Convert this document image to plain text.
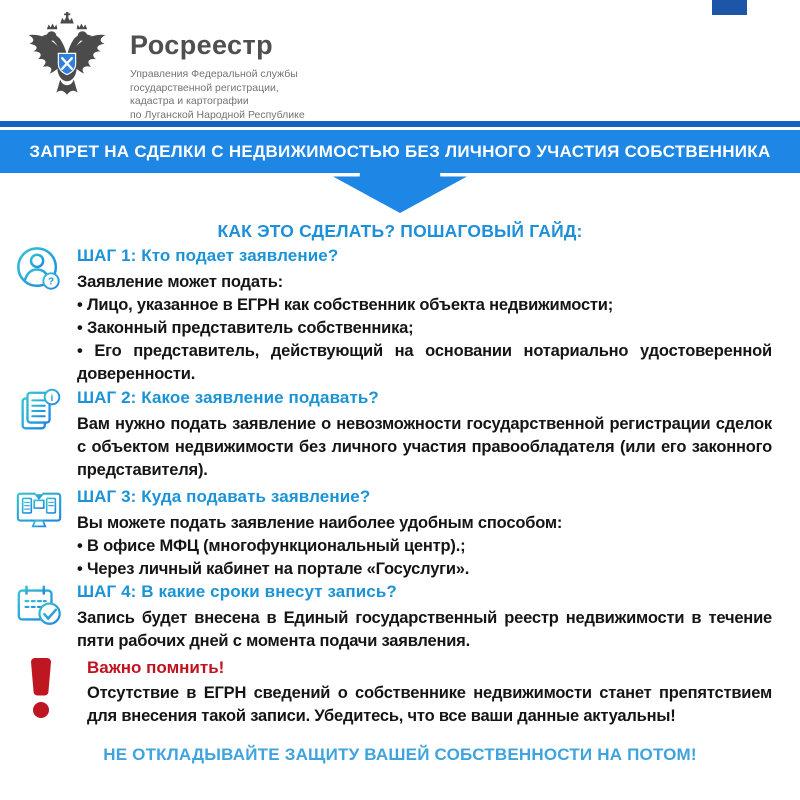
Росреестр
Управления Федеральной службы
государственной регистрации,
кадастра и картографии
по Луганской Народной Республике
ЗАПРЕТ НА СДЕЛКИ С НЕДВИЖИМОСТЬЮ БЕЗ ЛИЧНОГО УЧАСТИЯ СОБСТВЕННИКА
КАК ЭТО СДЕЛАТЬ? ПОШАГОВЫЙ ГАЙД:
?
ШАГ 1: Кто подает заявление?
Заявление может подать:
• Лицо, указанное в ЕГРН как собственник объекта недвижимости;
• Законный представитель собственника;
• Его представитель, действующий на основании нотариально удостоверенной доверенности.
i ШАГ 2: Какое заявление подавать?
Вам нужно подать заявление о невозможности государственной регистрации сделок с объектом недвижимости без личного участия правообладателя (или его законного представителя).
ШАГ 3: Куда подавать заявление?
Вы можете подать заявление наиболее удобным способом:
• В офисе МФЦ (многофункциональный центр).;
• Через личный кабинет на портале «Госуслуги».
ШАГ 4: В какие сроки внесут запись?
Запись будет внесена в Единый государственный реестр недвижимости в течение пяти рабочих дней с момента подачи заявления.
Важно помнить!
Отсутствие в ЕГРН сведений о собственнике недвижимости станет препятствием для внесения такой записи. Убедитесь, что все ваши данные актуальны!
НЕ ОТКЛАДЫВАЙТЕ ЗАЩИТУ ВАШЕЙ СОБСТВЕННОСТИ НА ПОТОМ!
